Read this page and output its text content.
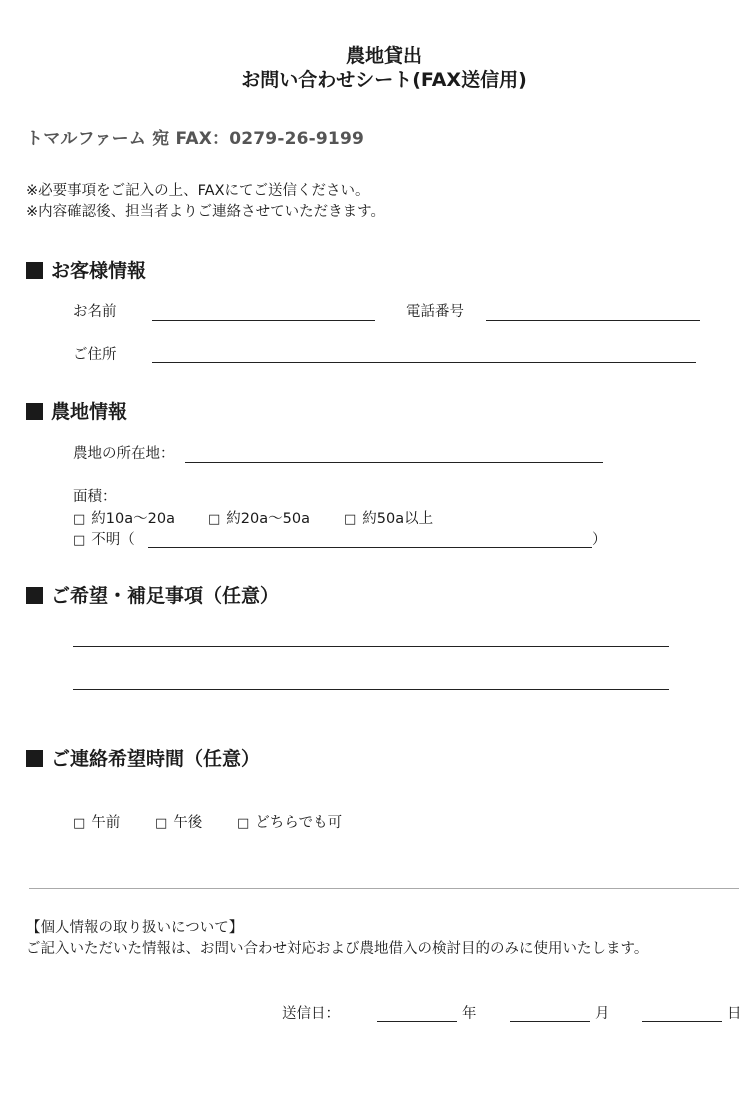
農地貸出
お問い合わせシート(FAX送信用)
トマルファーム 宛 FAX：0279-26-9199
※必要事項をご記入の上、FAXにてご送信ください。
※内容確認後、担当者よりご連絡させていただきます。
お客様情報
お名前	電話番号
ご住所
農地情報
農地の所在地：
面積：
□ 約10a〜20a	□ 約20a〜50a	□ 約50a以上
□ 不明（	）
ご希望・補足事項（任意）
ご連絡希望時間（任意）
□ 午前	□ 午後	□ どちらでも可
【個人情報の取り扱いについて】
ご記入いただいた情報は、お問い合わせ対応および農地借入の検討目的のみに使用いたします。
送信日：	年	月	日
